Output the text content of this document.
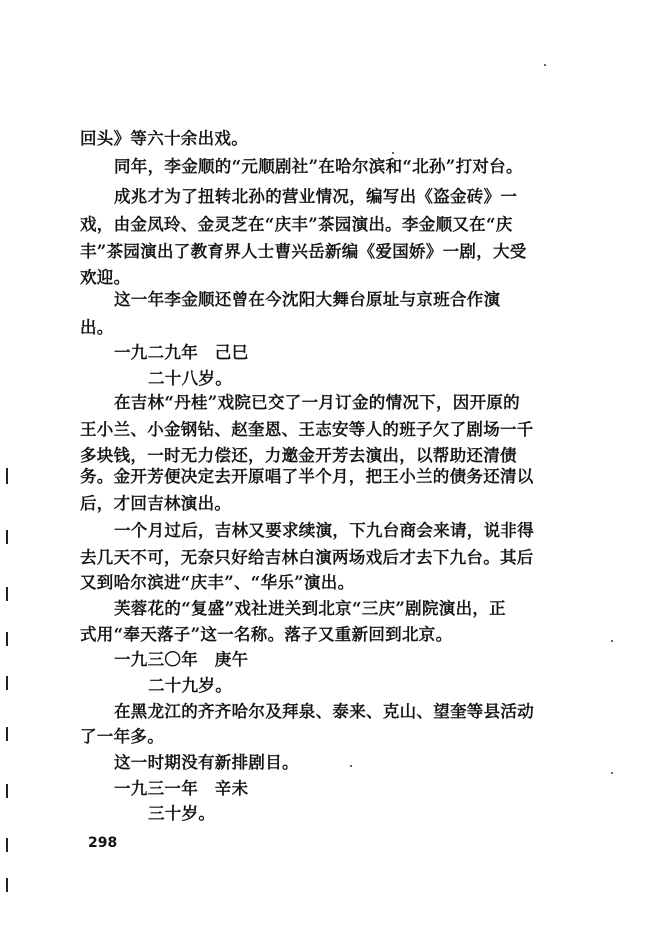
回头》等六十余出戏。
同年，李金顺的“元顺剧社”在哈尔滨和“北孙”打对台。
成兆才为了扭转北孙的营业情况，编写出《盗金砖》一
戏，由金凤玲、金灵芝在“庆丰”茶园演出。李金顺又在“庆
丰”茶园演出了教育界人士曹兴岳新编《爱国娇》一剧，大受
欢迎。
这一年李金顺还曾在今沈阳大舞台原址与京班合作演
出。
一九二九年　己巳
二十八岁。
在吉林“丹桂”戏院已交了一月订金的情况下，因开原的
王小兰、小金钢钻、赵奎恩、王志安等人的班子欠了剧场一千
多块钱，一时无力偿还，力邀金开芳去演出，以帮助还清债
务。金开芳便决定去开原唱了半个月，把王小兰的债务还清以
后，才回吉林演出。
一个月过后，吉林又要求续演，下九台商会来请，说非得
去几天不可，无奈只好给吉林白演两场戏后才去下九台。其后
又到哈尔滨进“庆丰”、“华乐”演出。
芙蓉花的“复盛”戏社进关到北京“三庆”剧院演出，正
式用“奉天落子”这一名称。落子又重新回到北京。
一九三〇年　庚午
二十九岁。
在黑龙江的齐齐哈尔及拜泉、泰来、克山、望奎等县活动
了一年多。
这一时期没有新排剧目。
一九三一年　辛未
三十岁。
298
